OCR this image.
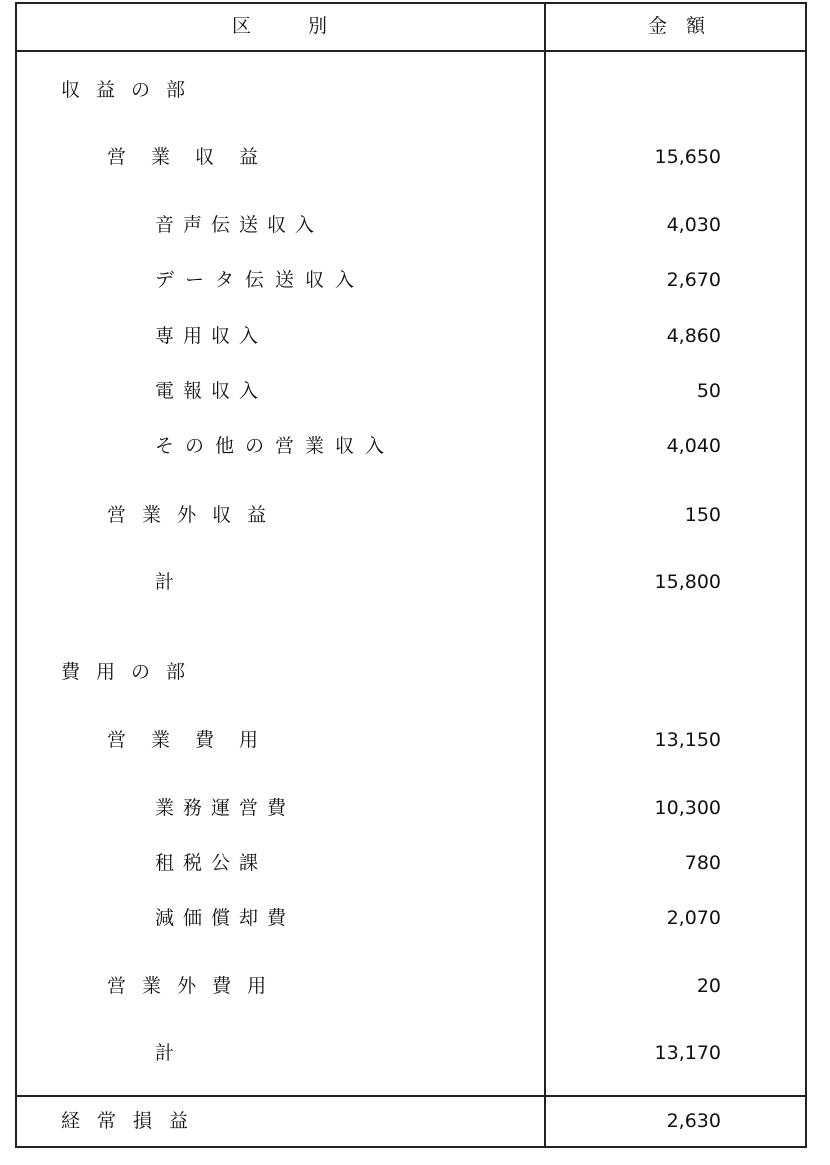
区　　　別	金　額
収益の部
営　業　収　益	15,650
音声伝送収入	4,030
データ伝送収入	2,670
専用収入	4,860
電報収入	50
その他の営業収入	4,040
営 業 外 収 益	150
計	15,800
費用の部
営　業　費　用	13,150
業務運営費	10,300
租税公課	780
減価償却費	2,070
営 業 外 費 用	20
計	13,170
経常損益	2,630
